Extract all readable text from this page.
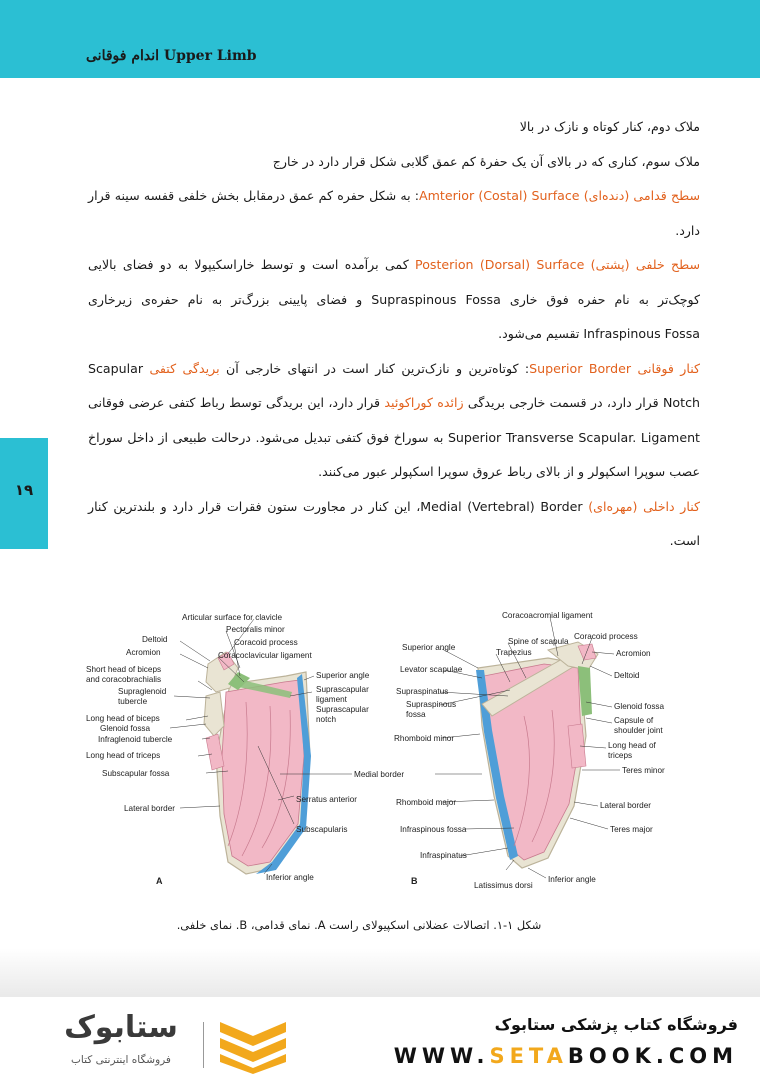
اندام فوقانی Upper Limb
۱۹

ملاک دوم، کنار کوتاه و نازک در بالا

ملاک سوم، کناری که در بالای آن یک حفرۀ کم عمق گلابی شکل قرار دارد در خارج

سطح قدامی (دنده‌ای) Amterior (Costal) Surface: به شکل حفره کم عمق درمقابل بخش خلفی قفسه سینه قرار دارد.

سطح خلفی (پشتی) Posterion (Dorsal) Surface کمی برآمده است و توسط خاراسکیپولا به دو فضای بالایی کوچک‌تر به نام حفره فوق خاری Supraspinous Fossa و فضای پایینی بزرگ‌تر به نام حفره‌ی زیرخاری Infraspinous Fossa تقسیم می‌شود.

کنار فوقانی Superior Border: کوتاه‌ترین و نازک‌ترین کنار است در انتهای خارجی آن بریدگی کتفی Scapular Notch قرار دارد، در قسمت خارجی بریدگی زائده کوراکوئید قرار دارد، این بریدگی توسط رباط کتفی عرضی فوقانی Superior Transverse Scapular. Ligament به سوراخ فوق کتفی تبدیل می‌شود. درحالت طبیعی از داخل سوراخ عصب سوپرا اسکپولر و از بالای رباط عروق سوپرا اسکپولر عبور می‌کنند.

کنار داخلی (مهره‌ای) Medial (Vertebral) Border، این کنار در مجاورت ستون فقرات قرار دارد و بلندترین کنار است.

Articular surface for clavicle
Pectoralis minor
Deltoid	Coracoid process
Acromion	Coracoclavicular ligament
Short head of biceps
and coracobrachialis	Superior angle
Supraglenoid
tubercle
Suprascapular
ligament
Suprascapular
notch
Long head of biceps
Glenoid fossa
Infraglenoid tubercle
Long head of triceps
Subscapular fossa	Medial border
Lateral border
Serratus anterior
Subscapularis
Inferior angle
A
Coracoacromial ligament
Superior angle
Spine of scapula
Coracoid process
Trapezius	Acromion
Levator scapulae
Deltoid
Supraspinatus
Glenoid fossa
Supraspinous
fossa
Capsule of
shoulder joint
Rhomboid minor
Long head of
triceps
Teres minor
Rhomboid major	Lateral border
Infraspinous fossa	Teres major
Infraspinatus
Latissimus dorsi
Inferior angle
B
شکل ۱-۱. اتصالات عضلانی اسکپیولای راست A. نمای قدامی، B. نمای خلفی.
فروشگاه کتاب پزشکی ستابوک
WWW.SETABOOK.COM
ستابوک
فروشگاه اینترنتی کتاب
